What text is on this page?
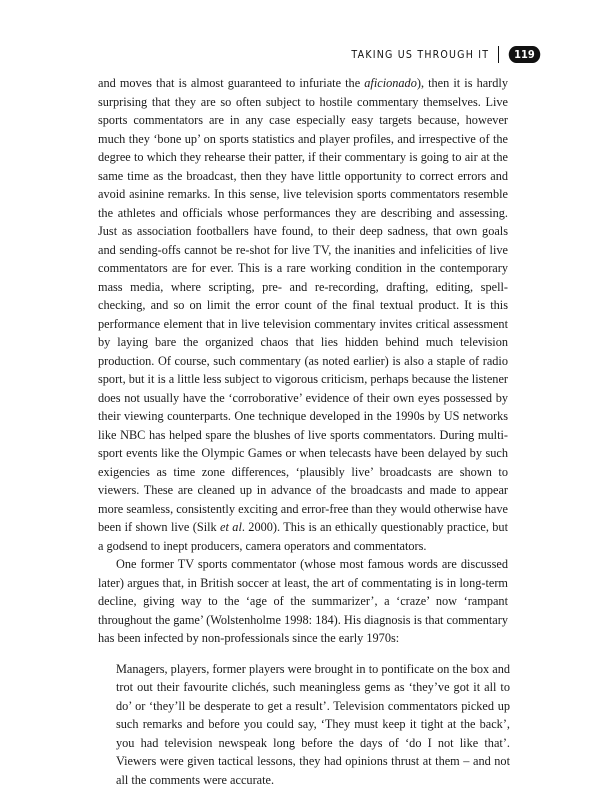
TAKING US THROUGH IT	119

and moves that is almost guaranteed to infuriate the aficionado), then it is hardly surprising that they are so often subject to hostile commentary themselves. Live sports commentators are in any case especially easy targets because, however much they ‘bone up’ on sports statistics and player profiles, and irrespective of the degree to which they rehearse their patter, if their commentary is going to air at the same time as the broadcast, then they have little opportunity to correct errors and avoid asinine remarks. In this sense, live television sports commentators resemble the athletes and officials whose performances they are describing and assessing. Just as association footballers have found, to their deep sadness, that own goals and sending-offs cannot be re-shot for live TV, the inanities and infelicities of live commentators are for ever. This is a rare working condition in the contemporary mass media, where scripting, pre- and re-recording, drafting, editing, spell-checking, and so on limit the error count of the final textual product. It is this performance element that in live television commentary invites critical assessment by laying bare the organized chaos that lies hidden behind much television production. Of course, such commentary (as noted earlier) is also a staple of radio sport, but it is a little less subject to vigorous criticism, perhaps because the listener does not usually have the ‘corroborative’ evidence of their own eyes possessed by their viewing counterparts. One technique developed in the 1990s by US networks like NBC has helped spare the blushes of live sports commentators. During multi-sport events like the Olympic Games or when telecasts have been delayed by such exigencies as time zone differences, ‘plausibly live’ broadcasts are shown to viewers. These are cleaned up in advance of the broadcasts and made to appear more seamless, consistently exciting and error-free than they would otherwise have been if shown live (Silk et al. 2000). This is an ethically questionably practice, but a godsend to inept producers, camera operators and commentators.

One former TV sports commentator (whose most famous words are discussed later) argues that, in British soccer at least, the art of commentating is in long-term decline, giving way to the ‘age of the summarizer’, a ‘craze’ now ‘rampant throughout the game’ (Wolstenholme 1998: 184). His diagnosis is that commentary has been infected by non-professionals since the early 1970s:

Managers, players, former players were brought in to pontificate on the box and trot out their favourite clichés, such meaningless gems as ‘they’ve got it all to do’ or ‘they’ll be desperate to get a result’. Television commentators picked up such remarks and before you could say, ‘They must keep it tight at the back’, you had television newspeak long before the days of ‘do I not like that’. Viewers were given tactical lessons, they had opinions thrust at them – and not all the comments were accurate.
